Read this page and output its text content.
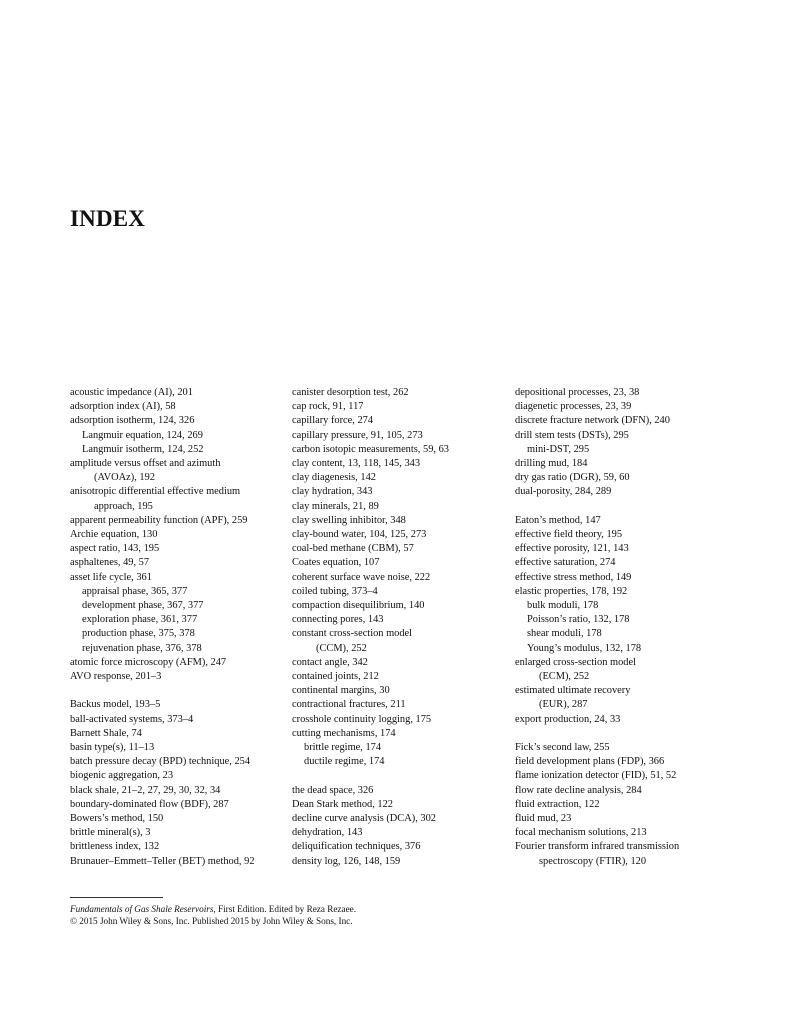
INDEX
acoustic impedance (AI), 201
adsorption index (AI), 58
adsorption isotherm, 124, 326
Langmuir equation, 124, 269
Langmuir isotherm, 124, 252
amplitude versus offset and azimuth
(AVOAz), 192
anisotropic differential effective medium
approach, 195
apparent permeability function (APF), 259
Archie equation, 130
aspect ratio, 143, 195
asphaltenes, 49, 57
asset life cycle, 361
appraisal phase, 365, 377
development phase, 367, 377
exploration phase, 361, 377
production phase, 375, 378
rejuvenation phase, 376, 378
atomic force microscopy (AFM), 247
AVO response, 201–3
Backus model, 193–5
ball-activated systems, 373–4
Barnett Shale, 74
basin type(s), 11–13
batch pressure decay (BPD) technique, 254
biogenic aggregation, 23
black shale, 21–2, 27, 29, 30, 32, 34
boundary-dominated flow (BDF), 287
Bowers’s method, 150
brittle mineral(s), 3
brittleness index, 132
Brunauer–Emmett–Teller (BET) method, 92
canister desorption test, 262
cap rock, 91, 117
capillary force, 274
capillary pressure, 91, 105, 273
carbon isotopic measurements, 59, 63
clay content, 13, 118, 145, 343
clay diagenesis, 142
clay hydration, 343
clay minerals, 21, 89
clay swelling inhibitor, 348
clay-bound water, 104, 125, 273
coal-bed methane (CBM), 57
Coates equation, 107
coherent surface wave noise, 222
coiled tubing, 373–4
compaction disequilibrium, 140
connecting pores, 143
constant cross-section model
(CCM), 252
contact angle, 342
contained joints, 212
continental margins, 30
contractional fractures, 211
crosshole continuity logging, 175
cutting mechanisms, 174
brittle regime, 174
ductile regime, 174
the dead space, 326
Dean Stark method, 122
decline curve analysis (DCA), 302
dehydration, 143
deliquification techniques, 376
density log, 126, 148, 159
depositional processes, 23, 38
diagenetic processes, 23, 39
discrete fracture network (DFN), 240
drill stem tests (DSTs), 295
mini-DST, 295
drilling mud, 184
dry gas ratio (DGR), 59, 60
dual-porosity, 284, 289
Eaton’s method, 147
effective field theory, 195
effective porosity, 121, 143
effective saturation, 274
effective stress method, 149
elastic properties, 178, 192
bulk moduli, 178
Poisson’s ratio, 132, 178
shear moduli, 178
Young’s modulus, 132, 178
enlarged cross-section model
(ECM), 252
estimated ultimate recovery
(EUR), 287
export production, 24, 33
Fick’s second law, 255
field development plans (FDP), 366
flame ionization detector (FID), 51, 52
flow rate decline analysis, 284
fluid extraction, 122
fluid mud, 23
focal mechanism solutions, 213
Fourier transform infrared transmission
spectroscopy (FTIR), 120
Fundamentals of Gas Shale Reservoirs, First Edition. Edited by Reza Rezaee.
© 2015 John Wiley & Sons, Inc. Published 2015 by John Wiley & Sons, Inc.
